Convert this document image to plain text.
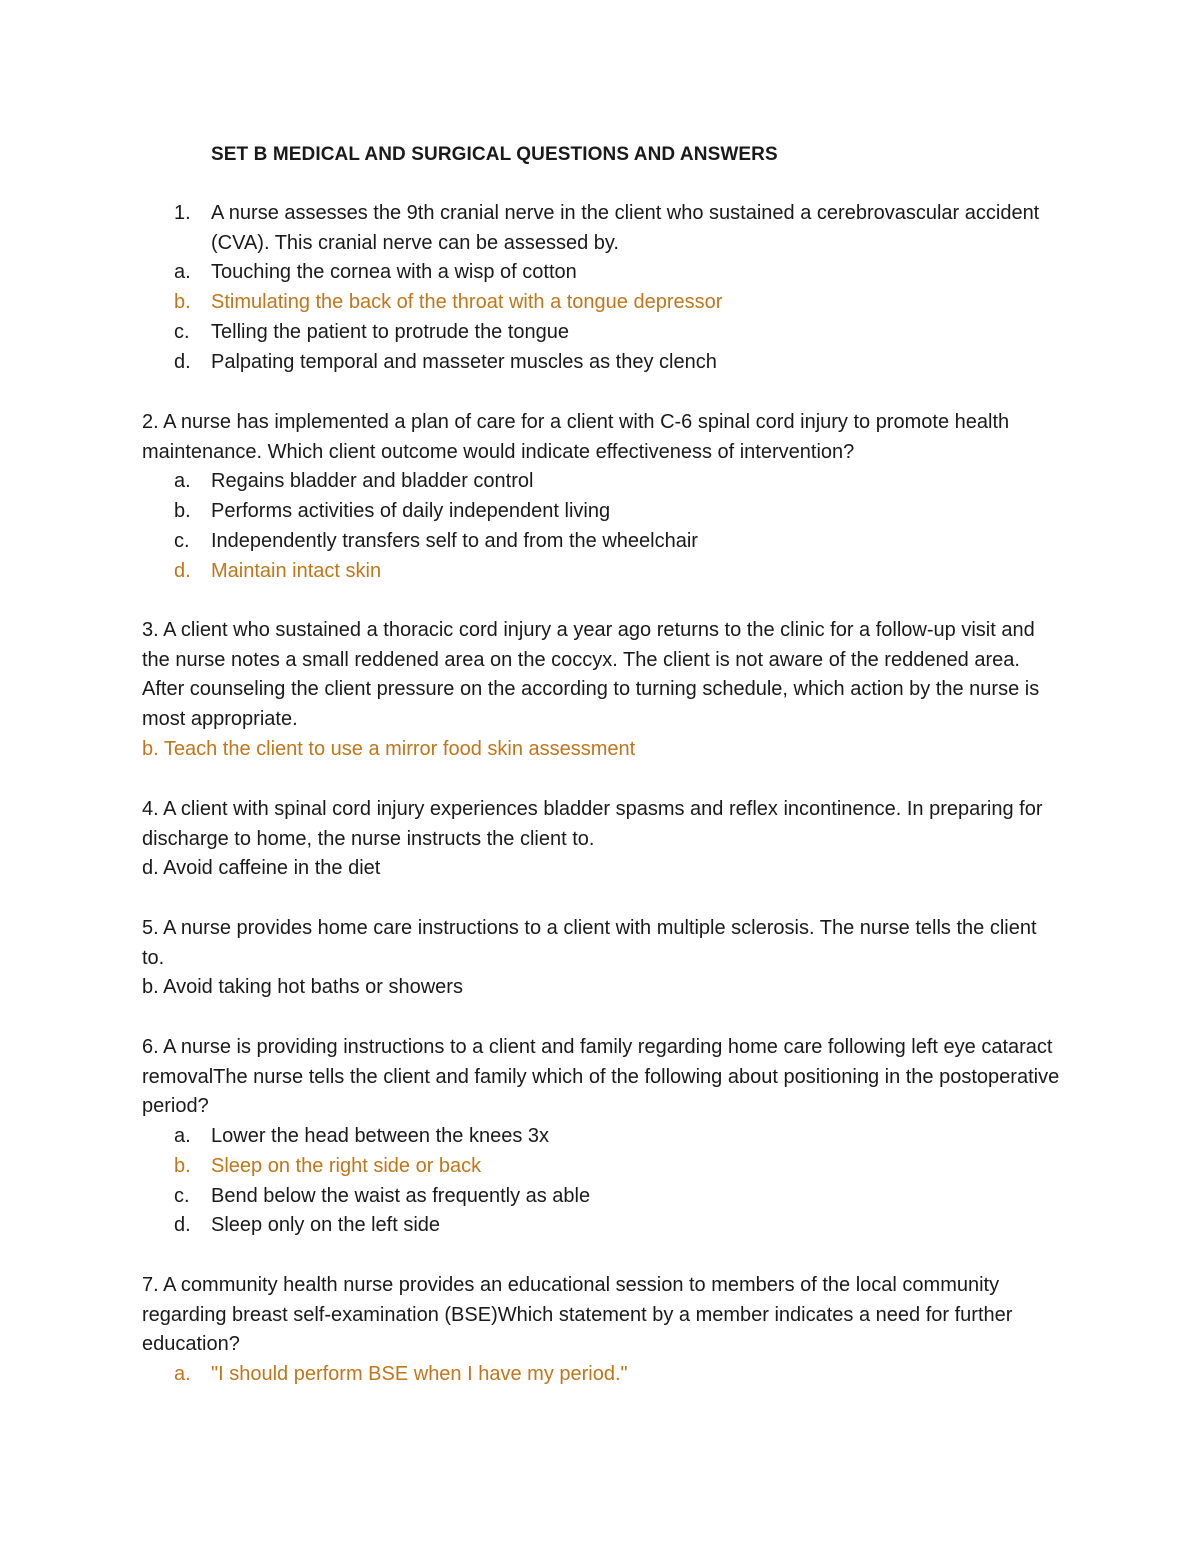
SET B MEDICAL AND SURGICAL QUESTIONS AND ANSWERS
1. A nurse assesses the 9th cranial nerve in the client who sustained a cerebrovascular accident (CVA). This cranial nerve can be assessed by.
a. Touching the cornea with a wisp of cotton
b. Stimulating the back of the throat with a tongue depressor
c. Telling the patient to protrude the tongue
d. Palpating temporal and masseter muscles as they clench
2. A nurse has implemented a plan of care for a client with C-6 spinal cord injury to promote health maintenance. Which client outcome would indicate effectiveness of intervention?
a. Regains bladder and bladder control
b. Performs activities of daily independent living
c. Independently transfers self to and from the wheelchair
d. Maintain intact skin
3. A client who sustained a thoracic cord injury a year ago returns to the clinic for a follow-up visit and the nurse notes a small reddened area on the coccyx. The client is not aware of the reddened area. After counseling the client pressure on the according to turning schedule, which action by the nurse is most appropriate.
b. Teach the client to use a mirror food skin assessment
4. A client with spinal cord injury experiences bladder spasms and reflex incontinence. In preparing for discharge to home, the nurse instructs the client to.
d. Avoid caffeine in the diet
5. A nurse provides home care instructions to a client with multiple sclerosis. The nurse tells the client to.
b. Avoid taking hot baths or showers
6. A nurse is providing instructions to a client and family regarding home care following left eye cataract removalThe nurse tells the client and family which of the following about positioning in the postoperative period?
a. Lower the head between the knees 3x
b. Sleep on the right side or back
c. Bend below the waist as frequently as able
d. Sleep only on the left side
7. A community health nurse provides an educational session to members of the local community regarding breast self-examination (BSE)Which statement by a member indicates a need for further education?
a. "I should perform BSE when I have my period."
